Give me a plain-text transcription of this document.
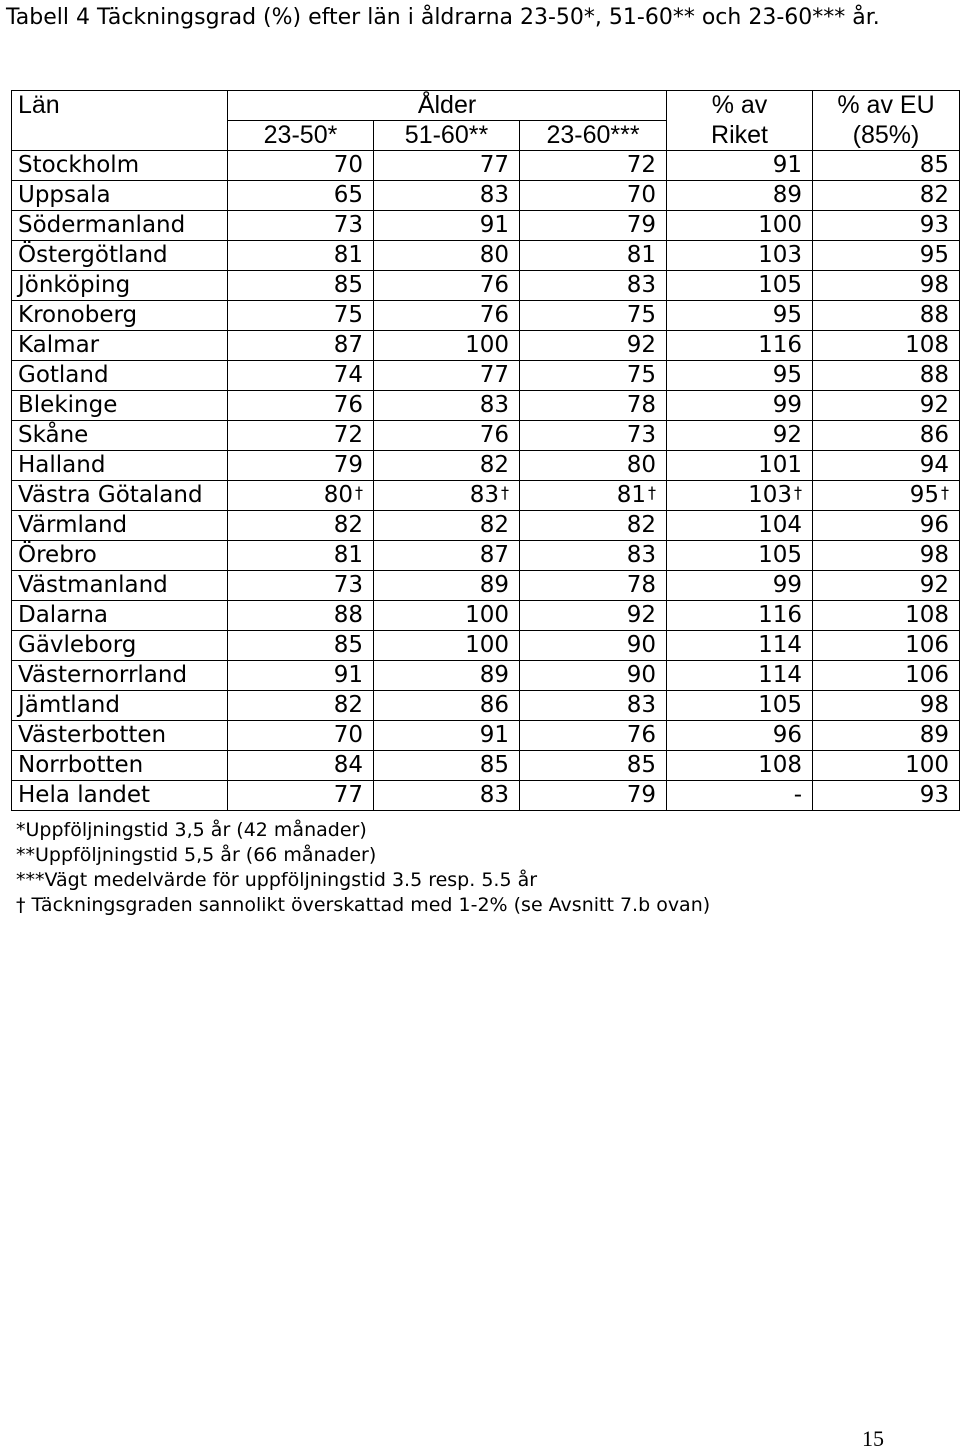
Tabell 4 Täckningsgrad (%) efter län i åldrarna 23-50*, 51-60** och 23-60*** år.
Län	Ålder			% av	% av EU
	23-50*	51-60**	23-60***	Riket	(85%)
Stockholm	70	77	72	91	85
Uppsala	65	83	70	89	82
Södermanland	73	91	79	100	93
Östergötland	81	80	81	103	95
Jönköping	85	76	83	105	98
Kronoberg	75	76	75	95	88
Kalmar	87	100	92	116	108
Gotland	74	77	75	95	88
Blekinge	76	83	78	99	92
Skåne	72	76	73	92	86
Halland	79	82	80	101	94
Västra Götaland	80 †	83 †	81 †	103 †	95 †
Värmland	82	82	82	104	96
Örebro	81	87	83	105	98
Västmanland	73	89	78	99	92
Dalarna	88	100	92	116	108
Gävleborg	85	100	90	114	106
Västernorrland	91	89	90	114	106
Jämtland	82	86	83	105	98
Västerbotten	70	91	76	96	89
Norrbotten	84	85	85	108	100
Hela landet	77	83	79	-	93
*Uppföljningstid 3,5 år (42 månader)
**Uppföljningstid 5,5 år (66 månader)
***Vägt medelvärde för uppföljningstid 3.5 resp. 5.5 år
† Täckningsgraden sannolikt överskattad med 1-2% (se Avsnitt 7.b ovan)
15
